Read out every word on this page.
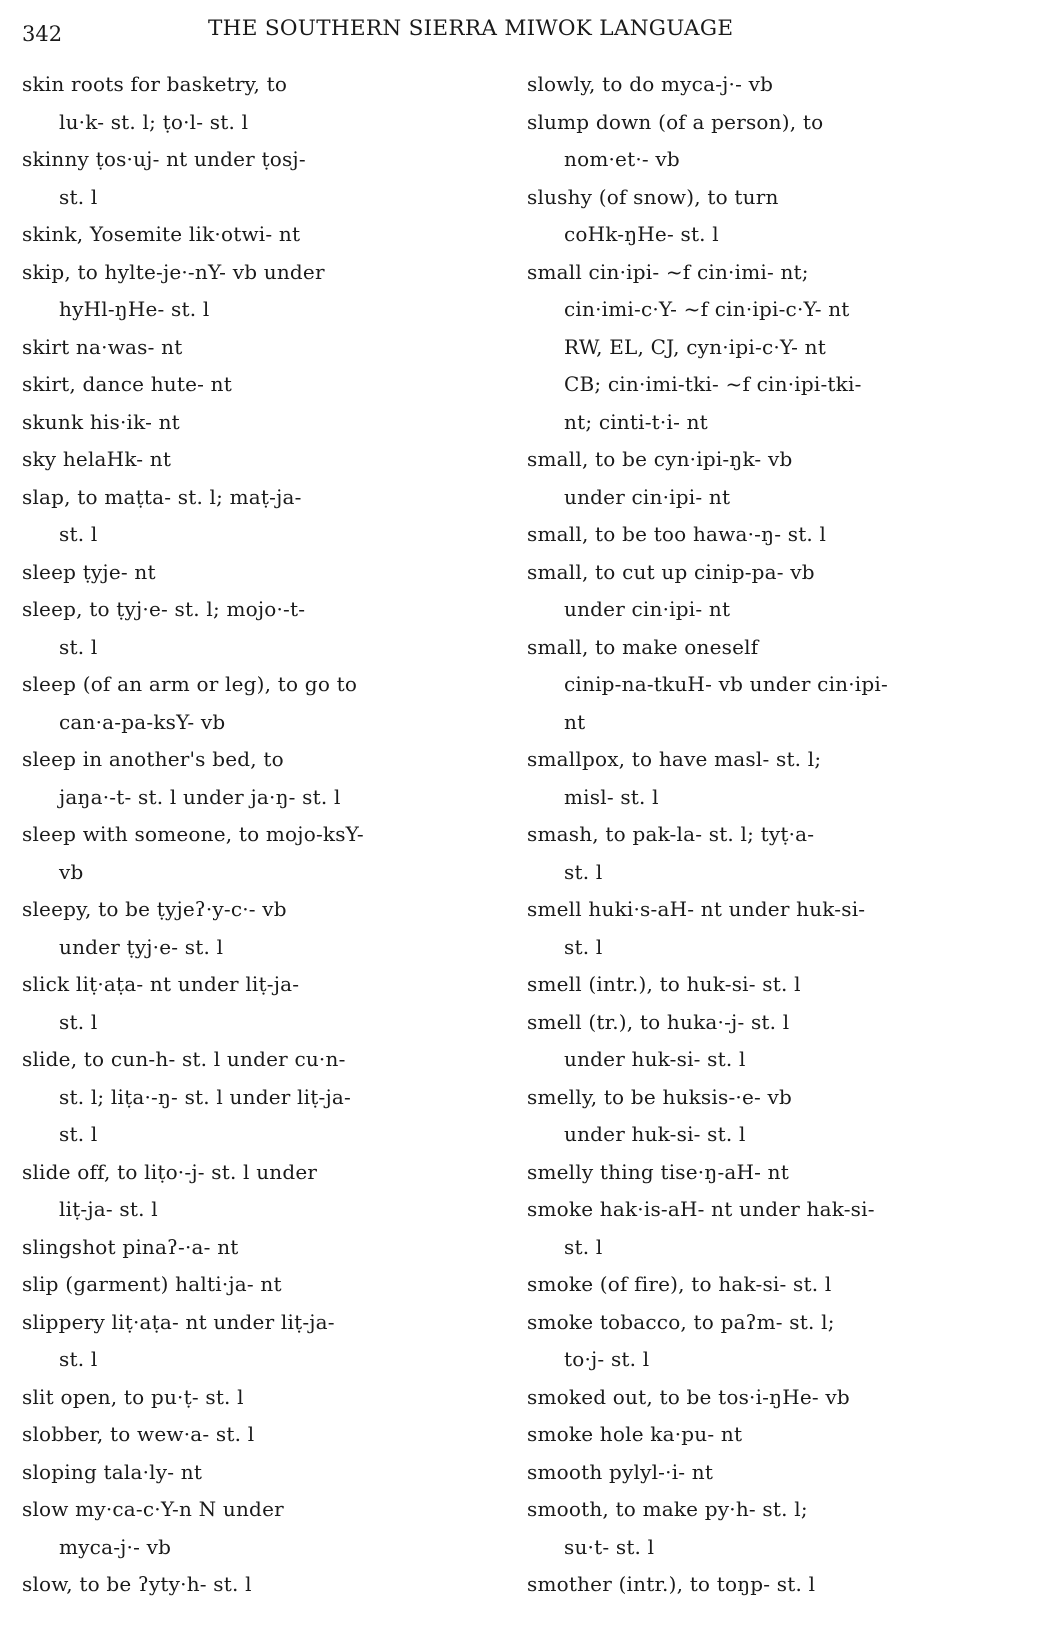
342	THE SOUTHERN SIERRA MIWOK LANGUAGE
skin roots for basketry, to
lu·k- st. l; ṭo·l- st. l
skinny ṭos·uj- nt under ṭosj-
st. l
skink, Yosemite lik·otwi- nt
skip, to hylte-je·-nY- vb under
hyHl-ŋHe- st. l
skirt na·was- nt
skirt, dance hute- nt
skunk his·ik- nt
sky helaHk- nt
slap, to maṭta- st. l; maṭ-ja-
st. l
sleep ṭyje- nt
sleep, to ṭyj·e- st. l; mojo·-t-
st. l
sleep (of an arm or leg), to go to
can·a-pa-ksY- vb
sleep in another's bed, to
jaŋa·-t- st. l under ja·ŋ- st. l
sleep with someone, to mojo-ksY-
vb
sleepy, to be ṭyjeʔ·y-c·- vb
under ṭyj·e- st. l
slick liṭ·aṭa- nt under liṭ-ja-
st. l
slide, to cun-h- st. l under cu·n-
st. l; liṭa·-ŋ- st. l under liṭ-ja-
st. l
slide off, to liṭo·-j- st. l under
liṭ-ja- st. l
slingshot pinaʔ-·a- nt
slip (garment) halti·ja- nt
slippery liṭ·aṭa- nt under liṭ-ja-
st. l
slit open, to pu·ṭ- st. l
slobber, to wew·a- st. l
sloping tala·ly- nt
slow my·ca-c·Y-n N under
myca-j·- vb
slow, to be ʔyty·h- st. l
slowly, to do myca-j·- vb
slump down (of a person), to
nom·et·- vb
slushy (of snow), to turn
coHk-ŋHe- st. l
small cin·ipi- ~f cin·imi- nt;
cin·imi-c·Y- ~f cin·ipi-c·Y- nt
RW, EL, CJ, cyn·ipi-c·Y- nt
CB; cin·imi-tki- ~f cin·ipi-tki-
nt; cinti-t·i- nt
small, to be cyn·ipi-ŋk- vb
under cin·ipi- nt
small, to be too hawa·-ŋ- st. l
small, to cut up cinip-pa- vb
under cin·ipi- nt
small, to make oneself
cinip-na-tkuH- vb under cin·ipi-
nt
smallpox, to have masl- st. l;
misl- st. l
smash, to pak-la- st. l; tyṭ·a-
st. l
smell huki·s-aH- nt under huk-si-
st. l
smell (intr.), to huk-si- st. l
smell (tr.), to huka·-j- st. l
under huk-si- st. l
smelly, to be huksis-·e- vb
under huk-si- st. l
smelly thing tise·ŋ-aH- nt
smoke hak·is-aH- nt under hak-si-
st. l
smoke (of fire), to hak-si- st. l
smoke tobacco, to paʔm- st. l;
to·j- st. l
smoked out, to be tos·i-ŋHe- vb
smoke hole ka·pu- nt
smooth pylyl-·i- nt
smooth, to make py·h- st. l;
su·t- st. l
smother (intr.), to toŋp- st. l
